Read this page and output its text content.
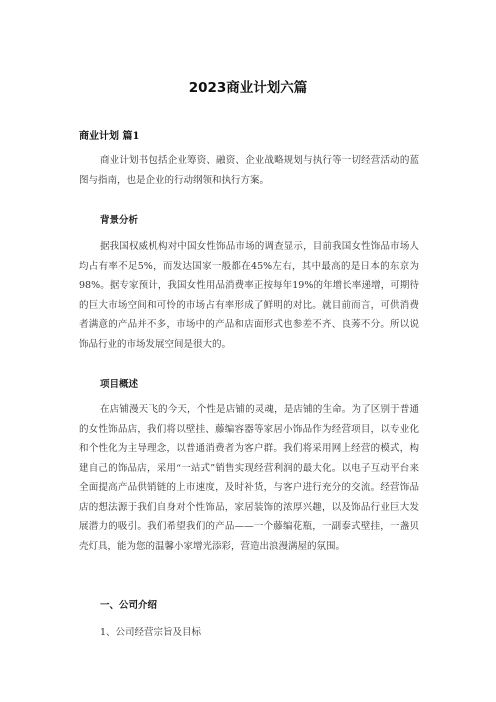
2023商业计划六篇
商业计划 篇1

商业计划书包括企业筹资、融资、企业战略规划与执行等一切经营活动的蓝图与指南，也是企业的行动纲领和执行方案。

背景分析

据我国权威机构对中国女性饰品市场的调查显示，目前我国女性饰品市场人均占有率不足5%，而发达国家一般都在45%左右，其中最高的是日本的东京为98%。据专家预计，我国女性用品消费率正按每年19%的年增长率递增，可期待的巨大市场空间和可怜的市场占有率形成了鲜明的对比。就目前而言，可供消费者满意的产品并不多，市场中的产品和店面形式也参差不齐、良莠不分。所以说饰品行业的市场发展空间是很大的。

项目概述

在店铺漫天飞的今天，个性是店铺的灵魂，是店铺的生命。为了区别于普通的女性饰品店，我们将以壁挂、藤编容器等家居小饰品作为经营项目，以专业化和个性化为主导理念，以普通消费者为客户群。我们将采用网上经营的模式，构建自己的饰品店，采用“一站式”销售实现经营利润的最大化。以电子互动平台来全面提高产品供销链的上市速度，及时补货，与客户进行充分的交流。经营饰品店的想法源于我们自身对个性饰品，家居装饰的浓厚兴趣，以及饰品行业巨大发展潜力的吸引。我们希望我们的产品——一个藤编花瓶，一副泰式壁挂，一盏贝壳灯具，能为您的温馨小家增光添彩，营造出浪漫满屋的氛围。

一、公司介绍

1、公司经营宗旨及目标
